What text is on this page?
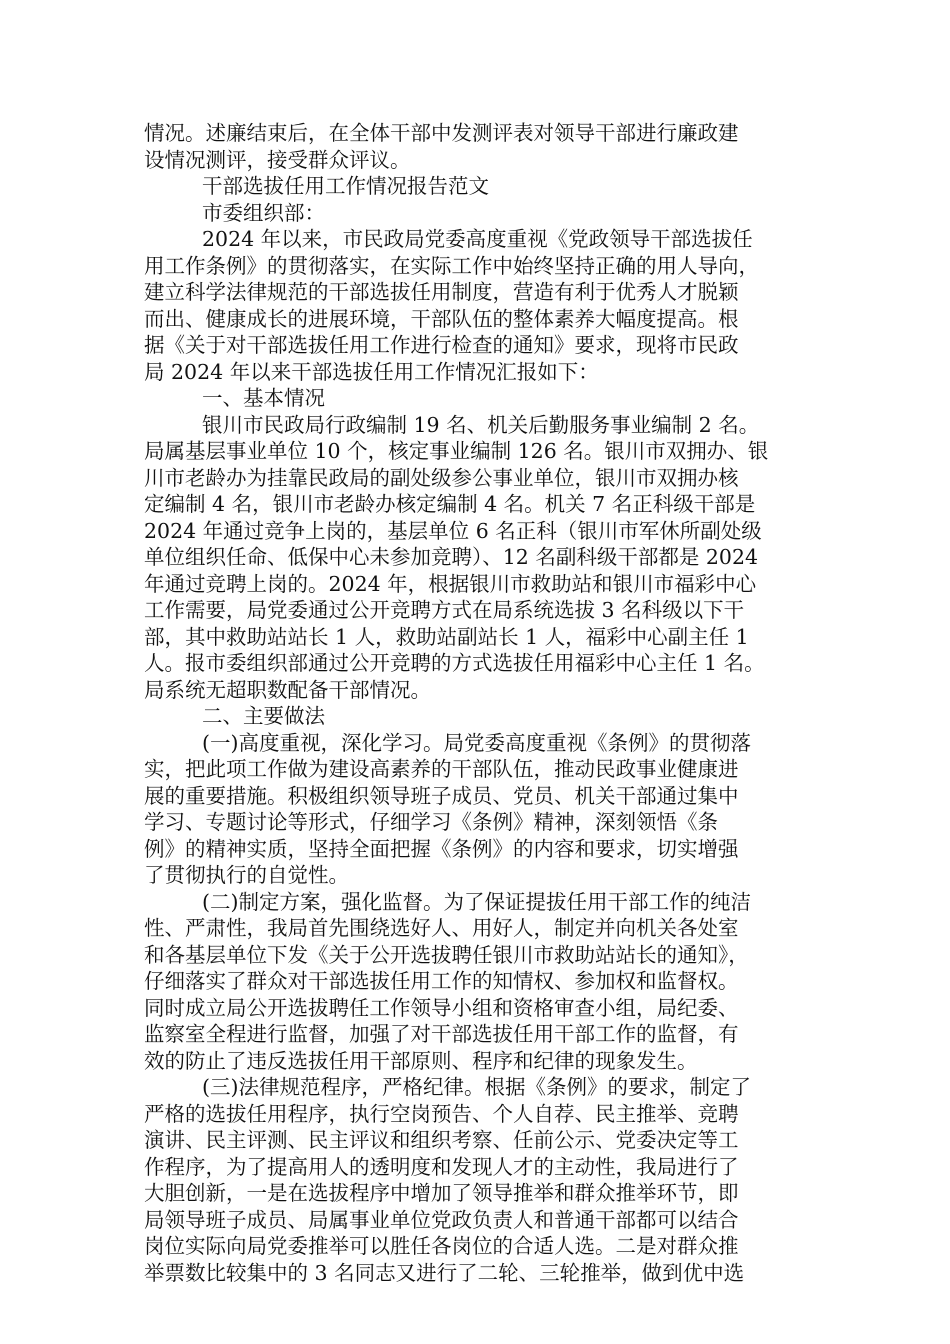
情况。述廉结束后，在全体干部中发测评表对领导干部进行廉政建
设情况测评，接受群众评议。
干部选拔任用工作情况报告范文
市委组织部：
2024 年以来，市民政局党委高度重视《党政领导干部选拔任
用工作条例》的贯彻落实，在实际工作中始终坚持正确的用人导向，
建立科学法律规范的干部选拔任用制度，营造有利于优秀人才脱颖
而出、健康成长的进展环境，干部队伍的整体素养大幅度提高。根
据《关于对干部选拔任用工作进行检查的通知》要求，现将市民政
局 2024 年以来干部选拔任用工作情况汇报如下：
一、基本情况
银川市民政局行政编制 19 名、机关后勤服务事业编制 2 名。
局属基层事业单位 10 个，核定事业编制 126 名。银川市双拥办、银
川市老龄办为挂靠民政局的副处级参公事业单位，银川市双拥办核
定编制 4 名，银川市老龄办核定编制 4 名。机关 7 名正科级干部是
2024 年通过竞争上岗的，基层单位 6 名正科（银川市军休所副处级
单位组织任命、低保中心未参加竞聘）、12 名副科级干部都是 2024
年通过竞聘上岗的。2024 年，根据银川市救助站和银川市福彩中心
工作需要，局党委通过公开竞聘方式在局系统选拔 3 名科级以下干
部，其中救助站站长 1 人，救助站副站长 1 人，福彩中心副主任 1
人。报市委组织部通过公开竞聘的方式选拔任用福彩中心主任 1 名。
局系统无超职数配备干部情况。
二、主要做法
(一)高度重视，深化学习。局党委高度重视《条例》的贯彻落
实，把此项工作做为建设高素养的干部队伍，推动民政事业健康进
展的重要措施。积极组织领导班子成员、党员、机关干部通过集中
学习、专题讨论等形式，仔细学习《条例》精神，深刻领悟《条
例》的精神实质，坚持全面把握《条例》的内容和要求，切实增强
了贯彻执行的自觉性。
(二)制定方案，强化监督。为了保证提拔任用干部工作的纯洁
性、严肃性，我局首先围绕选好人、用好人，制定并向机关各处室
和各基层单位下发《关于公开选拔聘任银川市救助站站长的通知》，
仔细落实了群众对干部选拔任用工作的知情权、参加权和监督权。
同时成立局公开选拔聘任工作领导小组和资格审查小组，局纪委、
监察室全程进行监督，加强了对干部选拔任用干部工作的监督，有
效的防止了违反选拔任用干部原则、程序和纪律的现象发生。
(三)法律规范程序，严格纪律。根据《条例》的要求，制定了
严格的选拔任用程序，执行空岗预告、个人自荐、民主推举、竞聘
演讲、民主评测、民主评议和组织考察、任前公示、党委决定等工
作程序，为了提高用人的透明度和发现人才的主动性，我局进行了
大胆创新，一是在选拔程序中增加了领导推举和群众推举环节，即
局领导班子成员、局属事业单位党政负责人和普通干部都可以结合
岗位实际向局党委推举可以胜任各岗位的合适人选。二是对群众推
举票数比较集中的 3 名同志又进行了二轮、三轮推举，做到优中选
